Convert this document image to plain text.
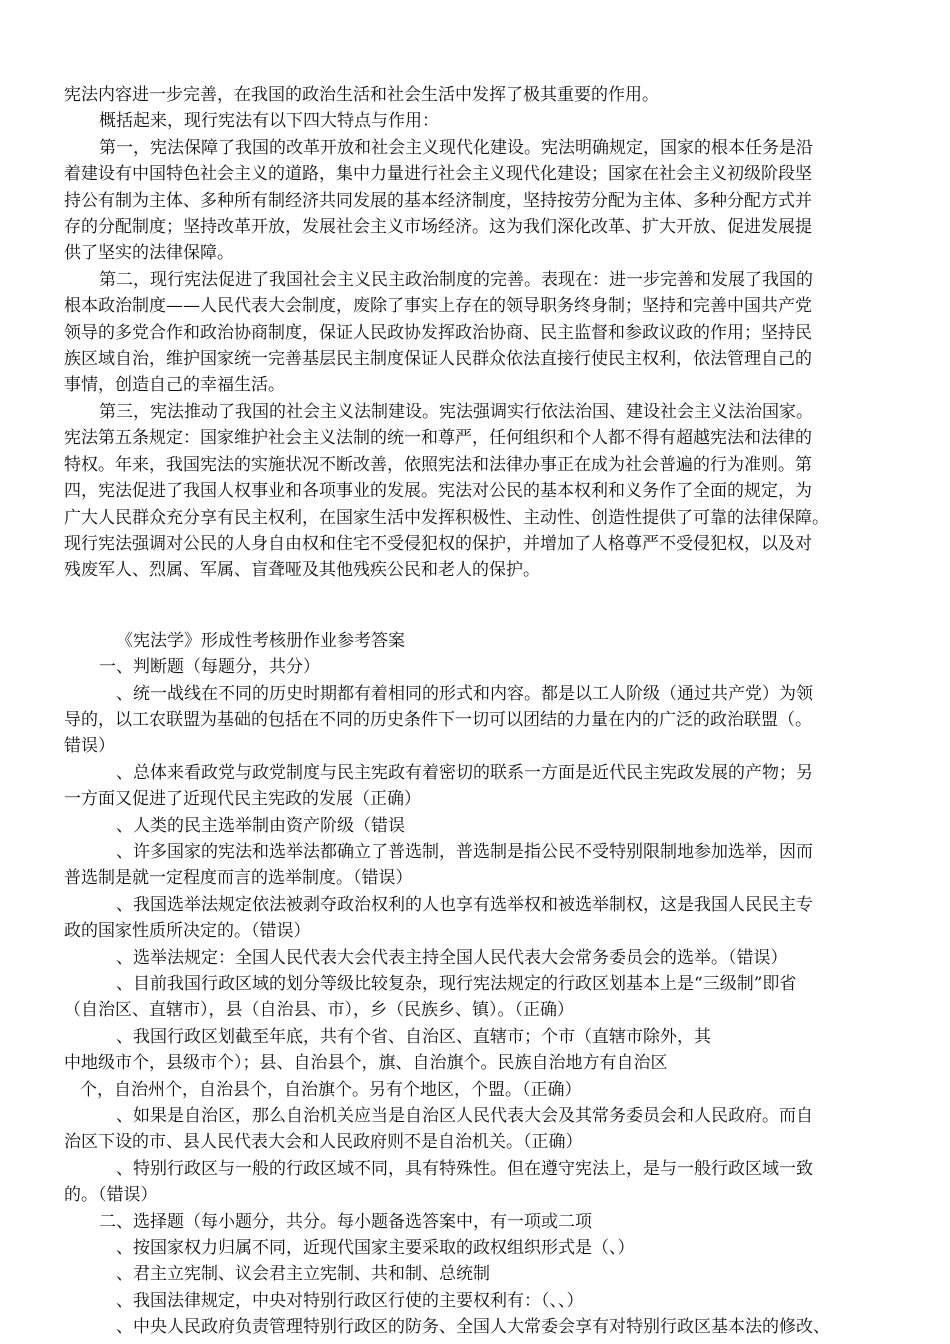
宪法内容进一步完善，在我国的政治生活和社会生活中发挥了极其重要的作用。
概括起来，现行宪法有以下四大特点与作用：
第一，宪法保障了我国的改革开放和社会主义现代化建设。宪法明确规定，国家的根本任务是沿
着建设有中国特色社会主义的道路，集中力量进行社会主义现代化建设；国家在社会主义初级阶段坚
持公有制为主体、多种所有制经济共同发展的基本经济制度，坚持按劳分配为主体、多种分配方式并
存的分配制度；坚持改革开放，发展社会主义市场经济。这为我们深化改革、扩大开放、促进发展提
供了坚实的法律保障。
第二，现行宪法促进了我国社会主义民主政治制度的完善。表现在：进一步完善和发展了我国的
根本政治制度——人民代表大会制度，废除了事实上存在的领导职务终身制；坚持和完善中国共产党
领导的多党合作和政治协商制度，保证人民政协发挥政治协商、民主监督和参政议政的作用；坚持民
族区域自治，维护国家统一完善基层民主制度保证人民群众依法直接行使民主权利，依法管理自己的
事情，创造自己的幸福生活。
第三，宪法推动了我国的社会主义法制建设。宪法强调实行依法治国、建设社会主义法治国家。
宪法第五条规定：国家维护社会主义法制的统一和尊严，任何组织和个人都不得有超越宪法和法律的
特权。年来，我国宪法的实施状况不断改善，依照宪法和法律办事正在成为社会普遍的行为准则。第
四，宪法促进了我国人权事业和各项事业的发展。宪法对公民的基本权利和义务作了全面的规定，为
广大人民群众充分享有民主权利，在国家生活中发挥积极性、主动性、创造性提供了可靠的法律保障。
现行宪法强调对公民的人身自由权和住宅不受侵犯权的保护，并增加了人格尊严不受侵犯权，以及对
残废军人、烈属、军属、盲聋哑及其他残疾公民和老人的保护。
《宪法学》形成性考核册作业参考答案
一、判断题（每题分，共分）
、统一战线在不同的历史时期都有着相同的形式和内容。都是以工人阶级（通过共产党）为领
导的，以工农联盟为基础的包括在不同的历史条件下一切可以团结的力量在内的广泛的政治联盟（。
错误）
、总体来看政党与政党制度与民主宪政有着密切的联系一方面是近代民主宪政发展的产物；另
一方面又促进了近现代民主宪政的发展（正确）
、人类的民主选举制由资产阶级（错误
、许多国家的宪法和选举法都确立了普选制，普选制是指公民不受特别限制地参加选举，因而
普选制是就一定程度而言的选举制度。（错误）
、我国选举法规定依法被剥夺政治权利的人也享有选举权和被选举制权，这是我国人民民主专
政的国家性质所决定的。（错误）
、选举法规定：全国人民代表大会代表主持全国人民代表大会常务委员会的选举。（错误）
、目前我国行政区域的划分等级比较复杂，现行宪法规定的行政区划基本上是“三级制”即省
（自治区、直辖市），县（自治县、市），乡（民族乡、镇）。（正确）
、我国行政区划截至年底，共有个省、自治区、直辖市；个市（直辖市除外，其
中地级市个，县级市个）；县、自治县个，旗、自治旗个。民族自治地方有自治区
个，自治州个，自治县个，自治旗个。另有个地区，个盟。（正确）
、如果是自治区，那么自治机关应当是自治区人民代表大会及其常务委员会和人民政府。而自
治区下设的市、县人民代表大会和人民政府则不是自治机关。（正确）
、特别行政区与一般的行政区域不同，具有特殊性。但在遵守宪法上，是与一般行政区域一致
的。（错误）
二、选择题（每小题分，共分。每小题备选答案中，有一项或二项
、按国家权力归属不同，近现代国家主要采取的政权组织形式是（、）
、君主立宪制、议会君主立宪制、共和制、总统制
、我国法律规定，中央对特别行政区行使的主要权利有：（、、）
、中央人民政府负责管理特别行政区的防务、全国人大常委会享有对特别行政区基本法的修改、
